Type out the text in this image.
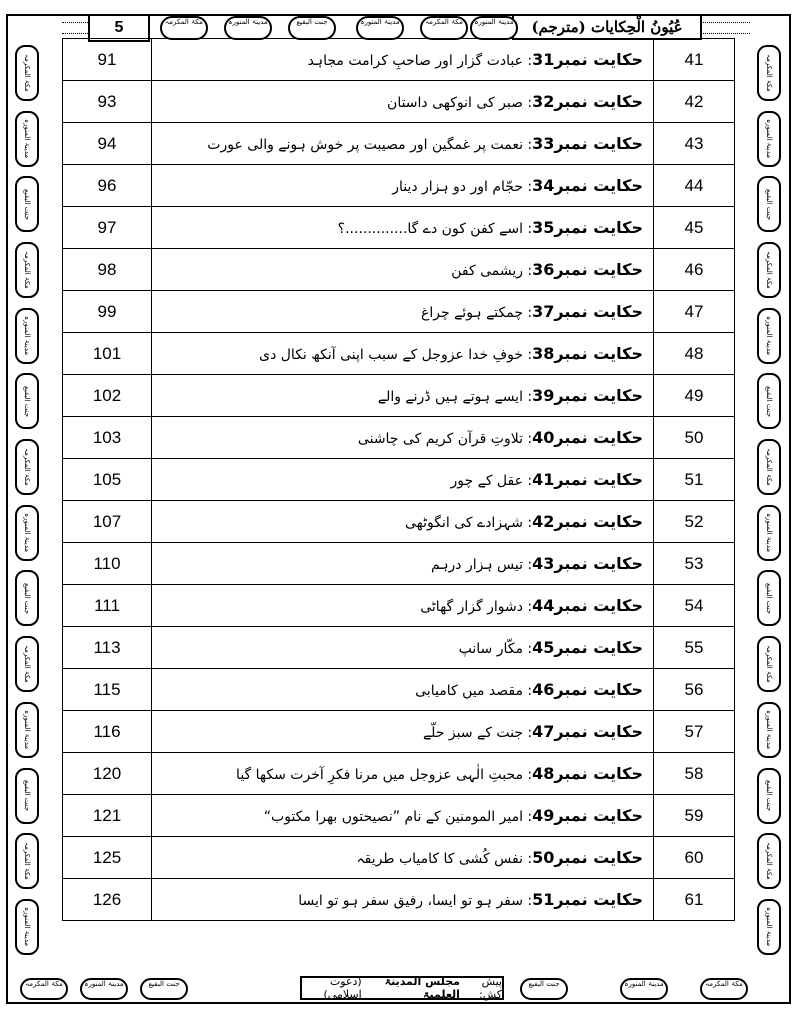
مکۃ المکرمہ
مدینۃ المنورہ
جنت البقیع
مکۃ المکرمہ
مدینۃ المنورہ
جنت البقیع
مکۃ المکرمہ
مدینۃ المنورہ
جنت البقیع
مکۃ المکرمہ
مدینۃ المنورہ
جنت البقیع
مکۃ المکرمہ
مدینۃ المنورہ
مکۃ المکرمہ
مدینۃ المنورہ
جنت البقیع
مکۃ المکرمہ
مدینۃ المنورہ
جنت البقیع
مکۃ المکرمہ
مدینۃ المنورہ
جنت البقیع
مکۃ المکرمہ
مدینۃ المنورہ
جنت البقیع
مکۃ المکرمہ
مدینۃ المنورہ
5	عُیُونُ الْحِکایات (مترجم)
مکۃ المکرمہ	مدینۃ المنورہ	جنت البقیع	مدینۃ المنورہ	مکۃ المکرمہ	مدینۃ المنورہ
91	حکایت نمبر31: عبادت گزار اور صاحبِ کرامت مجاہد	41
93	حکایت نمبر32: صبر کی انوکھی داستان	42
94	حکایت نمبر33: نعمت پر غمگین اور مصیبت پر خوش ہونے والی عورت	43
96	حکایت نمبر34: حجّام اور دو ہزار دینار	44
97	حکایت نمبر35: اسے کفن کون دے گا..............؟	45
98	حکایت نمبر36: ریشمی کفن	46
99	حکایت نمبر37: چمکتے ہوئے چراغ	47
101	حکایت نمبر38: خوفِ خدا عزوجل کے سبب اپنی آنکھ نکال دی	48
102	حکایت نمبر39: ایسے ہوتے ہیں ڈرنے والے	49
103	حکایت نمبر40: تلاوتِ قرآن کریم کی چاشنی	50
105	حکایت نمبر41: عقل کے چور	51
107	حکایت نمبر42: شہزادے کی انگوٹھی	52
110	حکایت نمبر43: تیس ہزار درہم	53
111	حکایت نمبر44: دشوار گزار گھاٹی	54
113	حکایت نمبر45: مکّار سانپ	55
115	حکایت نمبر46: مقصد میں کامیابی	56
116	حکایت نمبر47: جنت کے سبز حلّے	57
120	حکایت نمبر48: محبتِ الٰہی عزوجل میں مرنا فکرِ آخرت سکھا گیا	58
121	حکایت نمبر49: امیر المومنین کے نام ”نصیحتوں بھرا مکتوب“	59
125	حکایت نمبر50: نفس کُشی کا کامیاب طریقہ	60
126	حکایت نمبر51: سفر ہو تو ایسا، رفیق سفر ہو تو ایسا	61
مکۃ المکرمہ	مدینۃ المنورہ	جنت البقیع	جنت البقیع	مدینۃ المنورہ	مکۃ المکرمہ
پیش کش:
مجلس المدینۃ العلمیۃ
(دعوت اسلامی)
